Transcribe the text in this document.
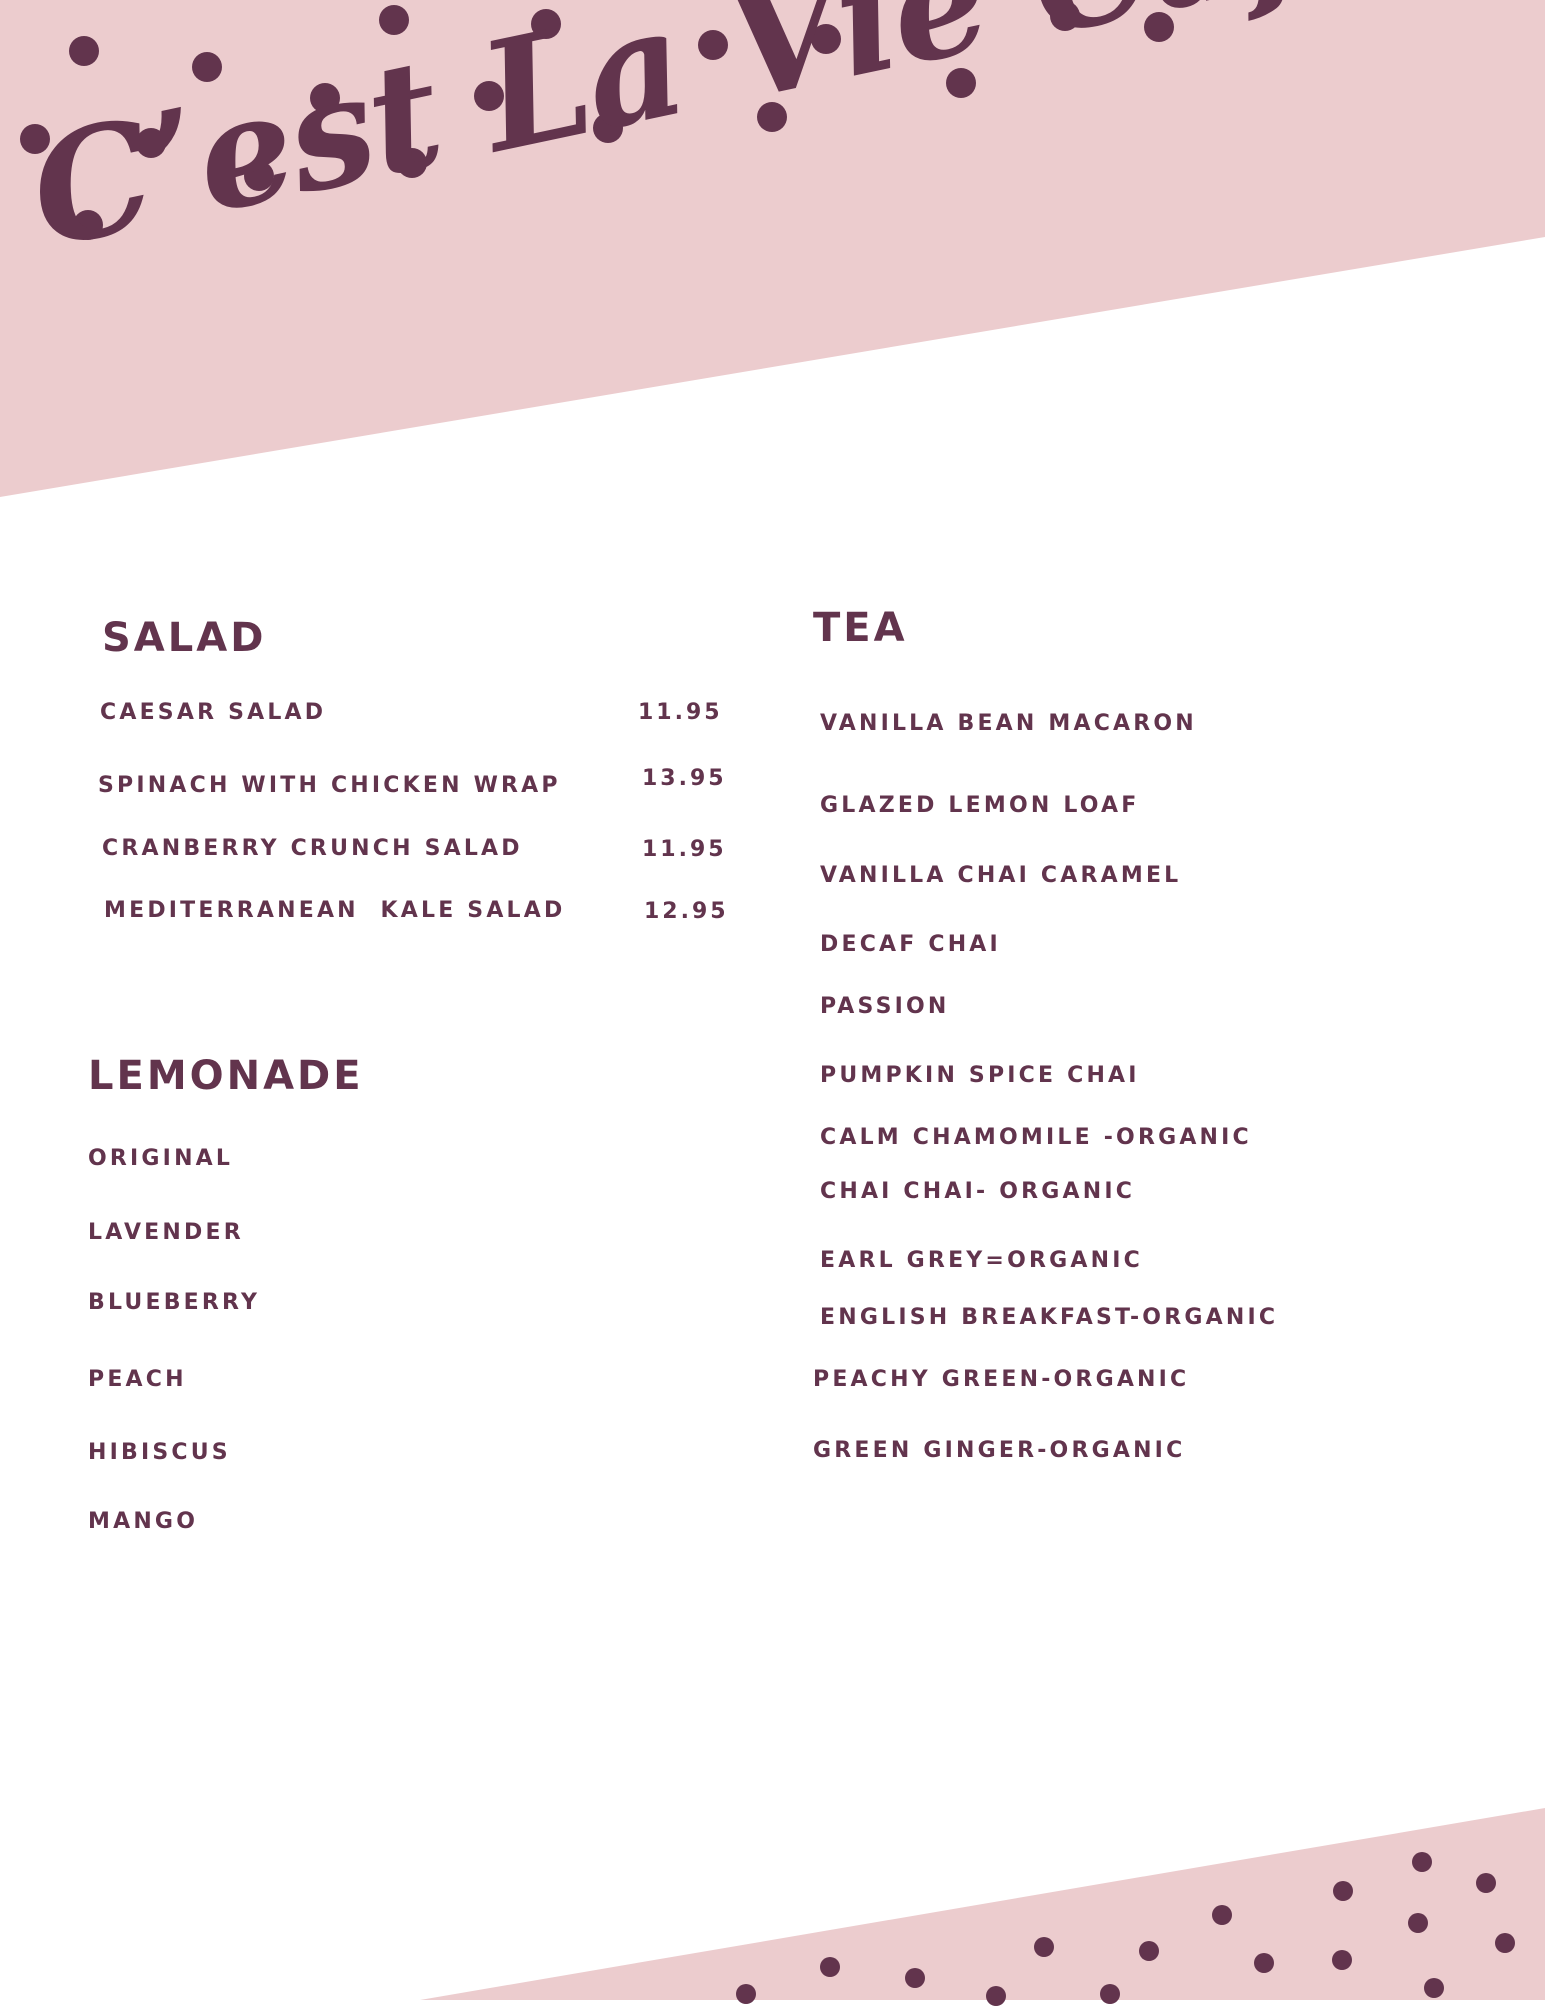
SALAD
CAESAR SALAD	11.95
SPINACH WITH CHICKEN WRAP	13.95
CRANBERRY CRUNCH SALAD	11.95
MEDITERRANEAN  KALE SALAD	12.95
LEMONADE
ORIGINAL
LAVENDER
BLUEBERRY
PEACH
HIBISCUS
MANGO
TEA
VANILLA BEAN MACARON
GLAZED LEMON LOAF
VANILLA CHAI CARAMEL
DECAF CHAI
PASSION
PUMPKIN SPICE CHAI
CALM CHAMOMILE -ORGANIC
CHAI CHAI- ORGANIC
EARL GREY=ORGANIC
ENGLISH BREAKFAST-ORGANIC
PEACHY GREEN-ORGANIC
GREEN GINGER-ORGANIC
